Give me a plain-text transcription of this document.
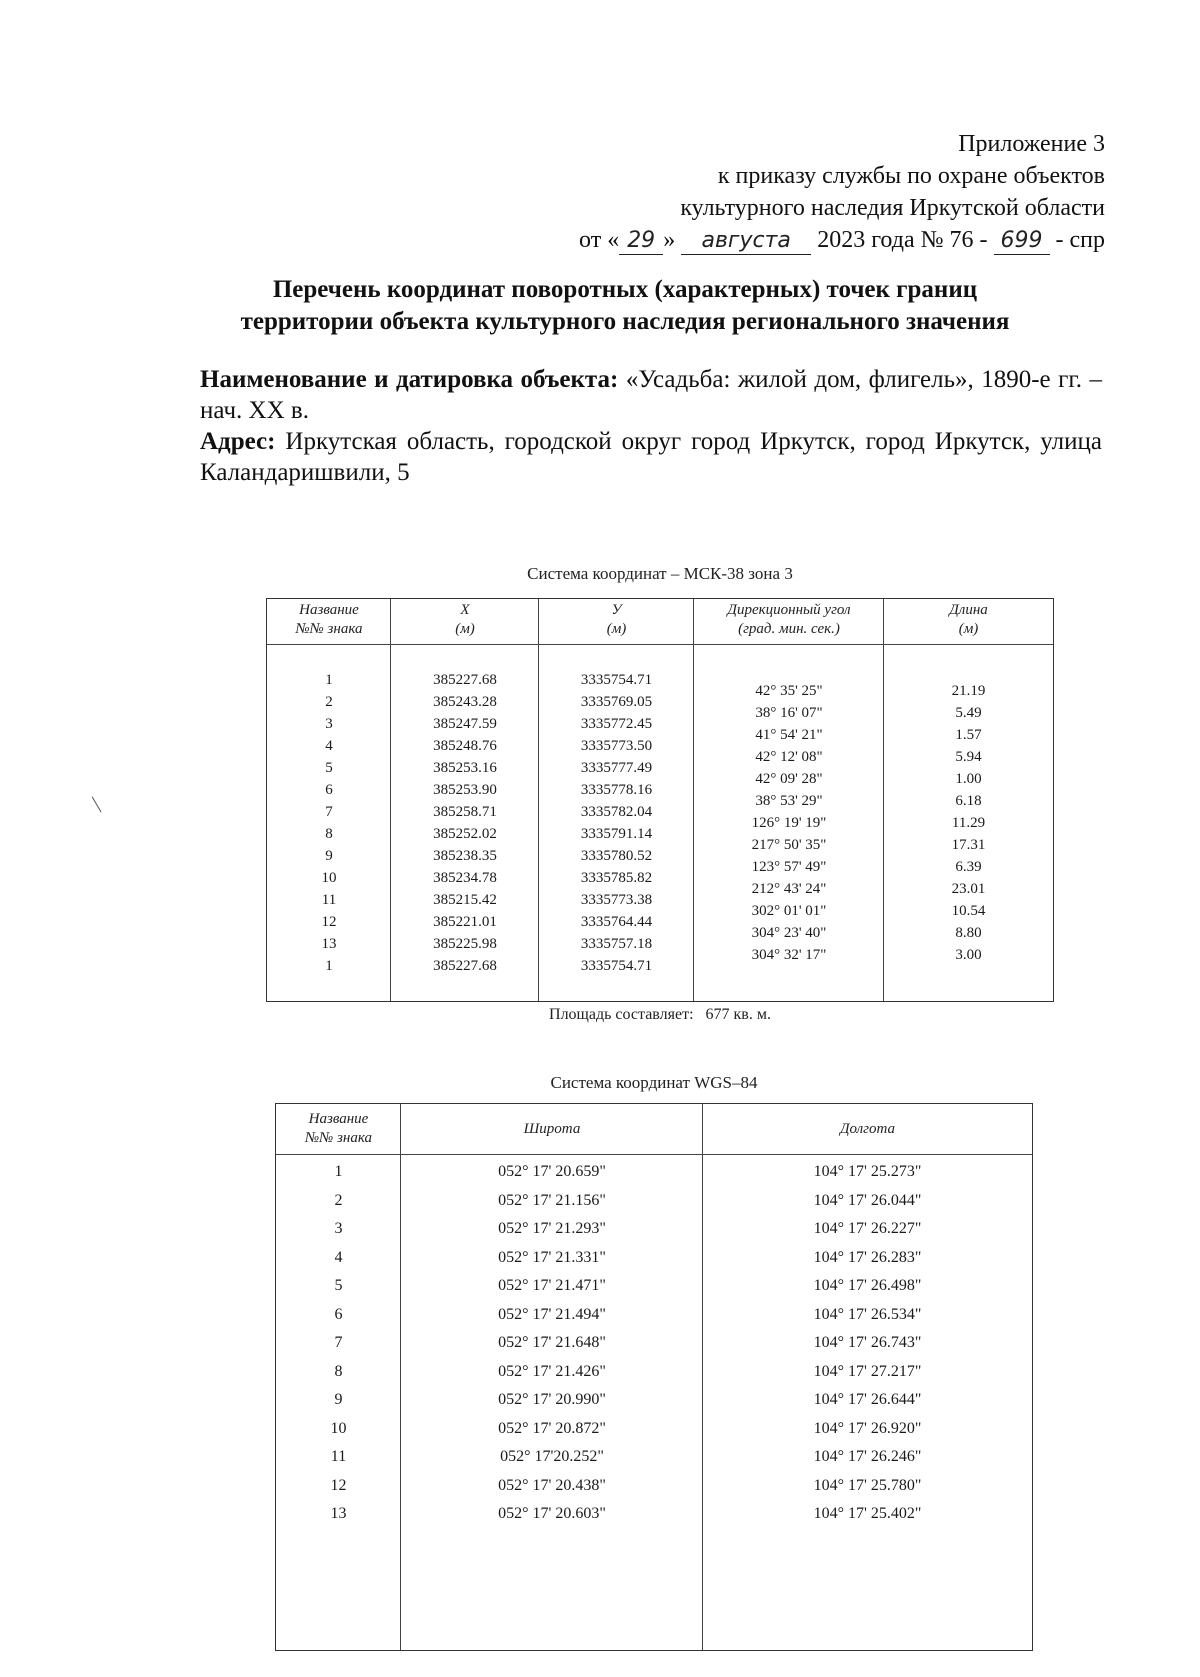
Приложение 3
к приказу службы по охране объектов
культурного наследия Иркутской области
от « 29 » августа 2023 года № 76 - 699 - спр
Перечень координат поворотных (характерных) точек границ
территории объекта культурного наследия регионального значения

Наименование и датировка объекта: «Усадьба: жилой дом, флигель», 1890-е гг. – нач. XX в.

Адрес: Иркутская область, городской округ город Иркутск, город Иркутск, улица Каландаришвили, 5

Система координат – МСК-38 зона 3
Название
№№ знака
X
(м)
У
(м)
Дирекционный угол
(град. мин. сек.)
Длина
(м)
1
2
3
4
5
6
7
8
9
10
11
12
13
1
385227.68
385243.28
385247.59
385248.76
385253.16
385253.90
385258.71
385252.02
385238.35
385234.78
385215.42
385221.01
385225.98
385227.68
3335754.71
3335769.05
3335772.45
3335773.50
3335777.49
3335778.16
3335782.04
3335791.14
3335780.52
3335785.82
3335773.38
3335764.44
3335757.18
3335754.71
42° 35' 25"
38° 16' 07"
41° 54' 21"
42° 12' 08"
42° 09' 28"
38° 53' 29"
126° 19' 19"
217° 50' 35"
123° 57' 49"
212° 43' 24"
302° 01' 01"
304° 23' 40"
304° 32' 17"
21.19
5.49
1.57
5.94
1.00
6.18
11.29
17.31
6.39
23.01
10.54
8.80
3.00
Площадь составляет: 677 кв. м.
Система координат WGS–84
Название
№№ знака
Широта	Долгота
1
2
3
4
5
6
7
8
9
10
11
12
13
052° 17' 20.659"
052° 17' 21.156"
052° 17' 21.293"
052° 17' 21.331"
052° 17' 21.471"
052° 17' 21.494"
052° 17' 21.648"
052° 17' 21.426"
052° 17' 20.990"
052° 17' 20.872"
052° 17'20.252"
052° 17' 20.438"
052° 17' 20.603"
104° 17' 25.273"
104° 17' 26.044"
104° 17' 26.227"
104° 17' 26.283"
104° 17' 26.498"
104° 17' 26.534"
104° 17' 26.743"
104° 17' 27.217"
104° 17' 26.644"
104° 17' 26.920"
104° 17' 26.246"
104° 17' 25.780"
104° 17' 25.402"
